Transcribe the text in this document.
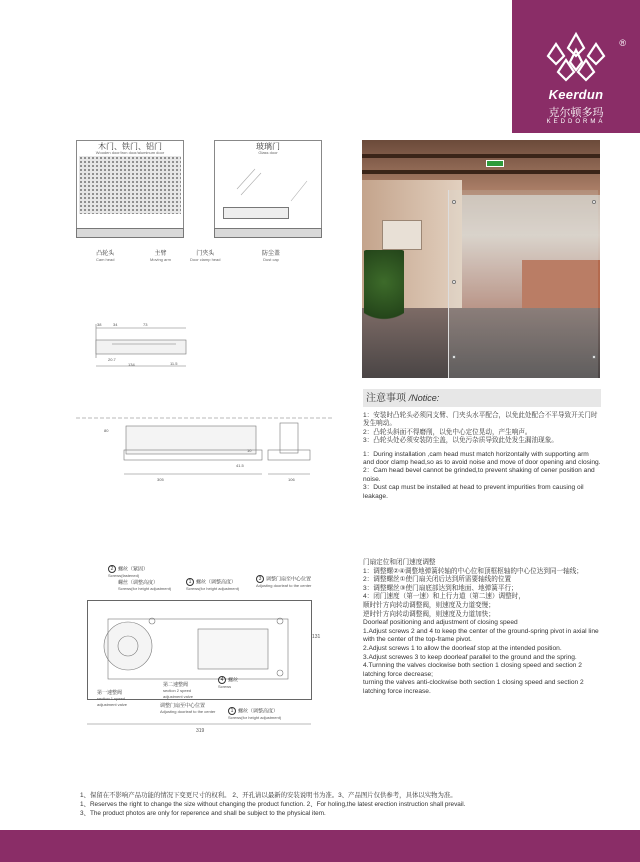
®
Keerdun
克尔顿多玛
KEDDORMA
木门、铁门、铝门
Wooden door/iron door/aluminum door
玻璃门
Glass door
凸轮头
Cam head
主臂
Moving arm
门夹头
Door clamp head
防尘盖
Dust cap
注意事项 /Notice:

1：安装时凸轮头必须同支臂、门夹头水平配合，以免此处配合不平导致开关门时发生响动。

2：凸轮头斜面不得磨削，以免中心定位晃动，产生响声。

3：凸轮头处必须安装防尘盖，以免污杂质导致此处发生漏油现象。

1：During installation ,cam head must match horizontally with supporting arm and door clamp head,so as to avoid noise and move of door opening and closing.

2：Cam head bevel cannot be grinded,to prevent shaking of cener position and noise.

3：Dust cap must be installed at head to prevent impurities from causing oil leakage.

38	34	73
20.7
134	11.5
80
10
41.5
305	106

门扇定位和闭门速度调整

1：调整螺②④调整地弹簧转轴的中心位和顶框枢轴的中心位达到同一轴线；

2：调整螺丝①使门扇关闭后达到所需要轴线的位置

3：调整螺丝③使门扇底部达到和地面、地弹簧平行；

4：闭门速度（第一速）和上行力道（第二速）调整时，

顺时针方向转动调整阀，则速度及力道变慢；

逆时针方向转动调整阀，则速度及力道加快；

Doorleaf positioning and adjustment of closing speed

1.Adjust screws 2 and 4 to keep the center of the ground-spring pivot in axial line with the center of the top-frame pivot.

2.Adjust screws 1 to allow the doorleaf stop at the intended position.

3.Adjust screwes 3 to keep doorleaf parallel to the ground and the spring.

4.Turnning the valves clockwise both section 1 closing speed and section 2 latching force decrease;

turning the valves anti-clockwise both section 1 closing speed and section 2 latching force increase.

319
131
2 螺丝（紧固）
Screws(fastened)
螺丝（调整高度）
Screws(for height adjustment)
1 螺丝（调整高度）
Screws(for height adjustment)
3 调整门扇至中心位置
Adjusting doorleaf to the center
4 螺丝
Screws
第一速整阀
section 1 speed
adjustment valve
第二速整阀
section 2 speed
adjustment valve
调整门扇至中心位置
Adjusting doorleaf to the center	1 螺丝（调整高度）
Screws(for height adjustment)

1、保留在不影响产品功能的情况下变更尺寸的权利。 2、开孔请以最新的安装说明书为准。3、产品图片仅供参考，具体以实物为准。

1、Reserves the right to change the size without changing the product function. 2、For holing,the latest erection instruction shall prevail.

3、The product photos are only for reperence and shall be subject to the physical item.
